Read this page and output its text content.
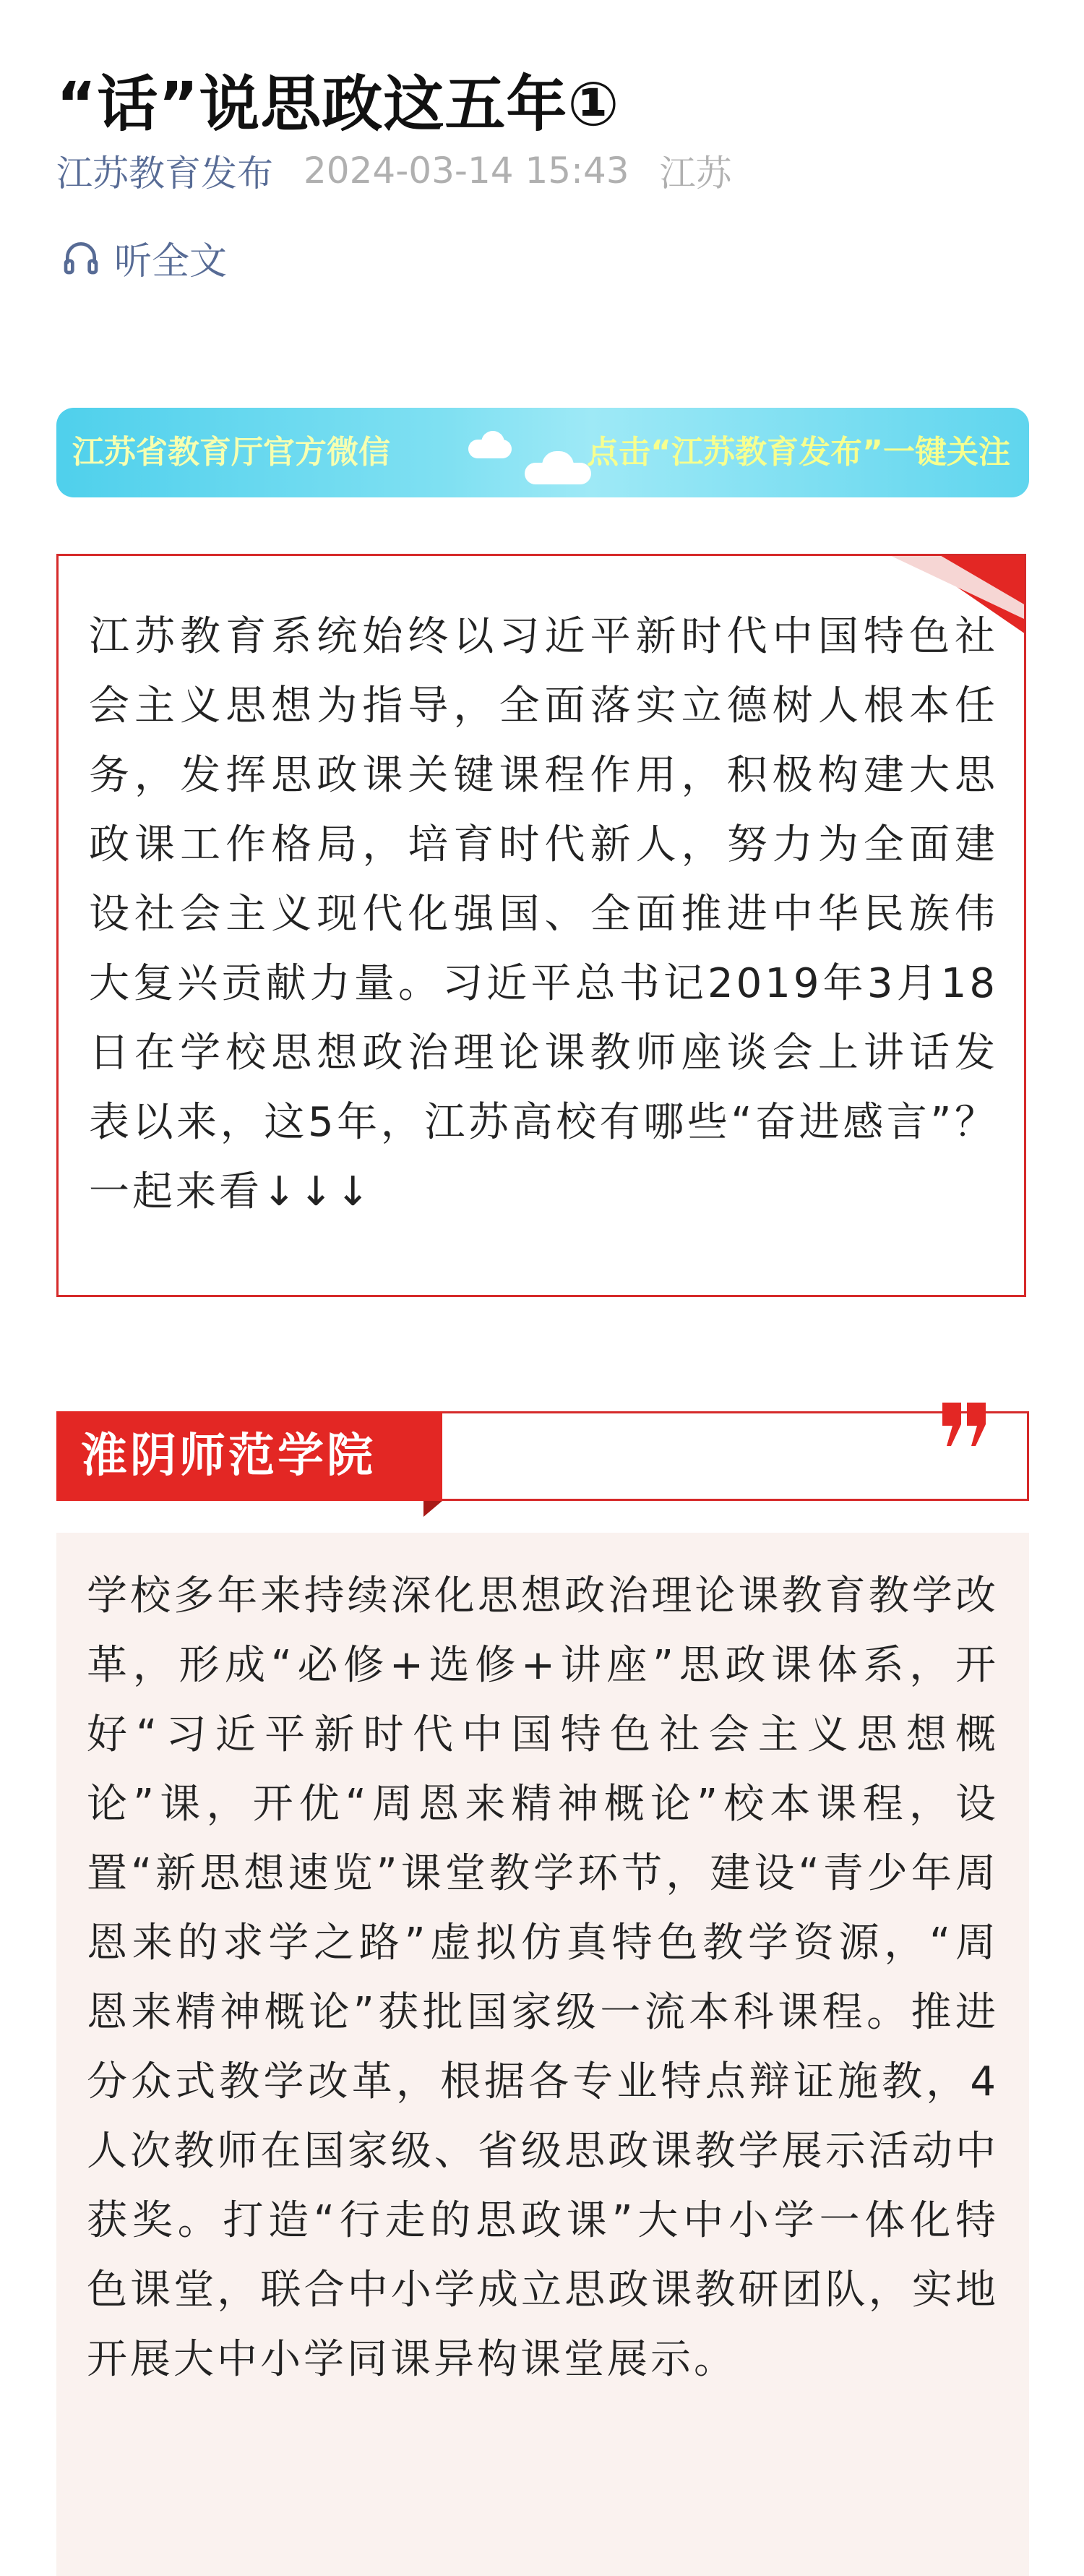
“话”说思政这五年①
江苏教育发布 2024-03-14 15:43 江苏
听全文
江苏省教育厅官方微信	点击“江苏教育发布”一键关注
江苏教育系统始终以习近平新时代中国特色社会主义思想为指导，全面落实立德树人根本任务，发挥思政课关键课程作用，积极构建大思政课工作格局，培育时代新人，努力为全面建设社会主义现代化强国、全面推进中华民族伟大复兴贡献力量。习近平总书记2019年3月18日在学校思想政治理论课教师座谈会上讲话发表以来，这5年，江苏高校有哪些“奋进感言”？一起来看↓↓↓
淮阴师范学院
学校多年来持续深化思想政治理论课教育教学改革，形成“必修+选修+讲座”思政课体系，开好“习近平新时代中国特色社会主义思想概论”课，开优“周恩来精神概论”校本课程，设置“新思想速览”课堂教学环节，建设“青少年周恩来的求学之路”虚拟仿真特色教学资源，“周恩来精神概论”获批国家级一流本科课程。推进分众式教学改革，根据各专业特点辩证施教，4人次教师在国家级、省级思政课教学展示活动中获奖。打造“行走的思政课”大中小学一体化特色课堂，联合中小学成立思政课教研团队，实地开展大中小学同课异构课堂展示。
